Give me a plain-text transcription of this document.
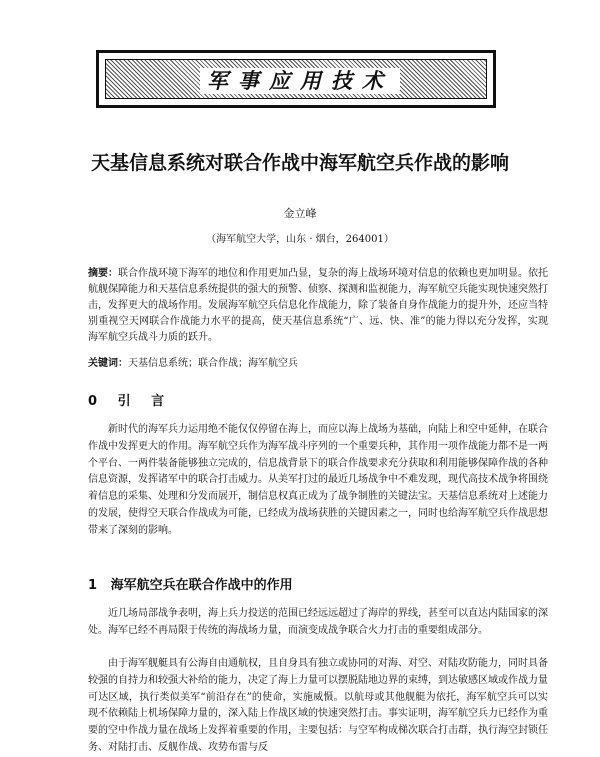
军事应用技术
天基信息系统对联合作战中海军航空兵作战的影响
金立峰
（海军航空大学，山东 · 烟台，264001）
摘要：联合作战环境下海军的地位和作用更加凸显，复杂的海上战场环境对信息的依赖也更加明显。依托航舰保障能力和天基信息系统提供的强大的预警、侦察、探测和监视能力，海军航空兵能实现快速突然打击，发挥更大的战场作用。发展海军航空兵信息化作战能力，除了装备自身作战能力的提升外，还应当特别重视空天网联合作战能力水平的提高，使天基信息系统“广、远、快、准”的能力得以充分发挥，实现海军航空兵战斗力质的跃升。
关键词：天基信息系统；联合作战；海军航空兵
0 引 言
新时代的海军兵力运用绝不能仅仅停留在海上，而应以海上战场为基础，向陆上和空中延伸，在联合作战中发挥更大的作用。海军航空兵作为海军战斗序列的一个重要兵种，其作用一项作战能力都不是一两个平台、一两件装备能够独立完成的，信息战背景下的联合作战要求充分获取和利用能够保障作战的各种信息资源，发挥诸军中的联合打击威力。从美军打过的最近几场战争中不难发现，现代高技术战争将围绕着信息的采集、处理和分发而展开，制信息权真正成为了战争制胜的关键法宝。天基信息系统对上述能力的发展，使得空天联合作战成为可能，已经成为战场获胜的关键因素之一，同时也给海军航空兵作战思想带来了深刻的影响。
1 海军航空兵在联合作战中的作用
近几场局部战争表明，海上兵力投送的范围已经远远超过了海岸的界线，甚至可以直达内陆国家的深处。海军已经不再局限于传统的海战场力量，而演变成战争联合火力打击的重要组成部分。
由于海军舰艇具有公海自由通航权，且自身具有独立或协同的对海、对空、对陆攻防能力，同时具备较强的自持力和较强大补给的能力，决定了海上力量可以摆脱陆地边界的束缚，到达敏感区域或作战力量可达区域，执行类似美军“前沿存在”的使命，实施威慑。以航母或其他舰艇为依托，海军航空兵可以实现不依赖陆上机场保障力量的，深入陆上作战区域的快速突然打击。事实证明，海军航空兵力已经作为重要的空中作战力量在战场上发挥着重要的作用，主要包括：与空军构成梯次联合打击群，执行海空封锁任务、对陆打击、反舰作战、攻势布雷与反
